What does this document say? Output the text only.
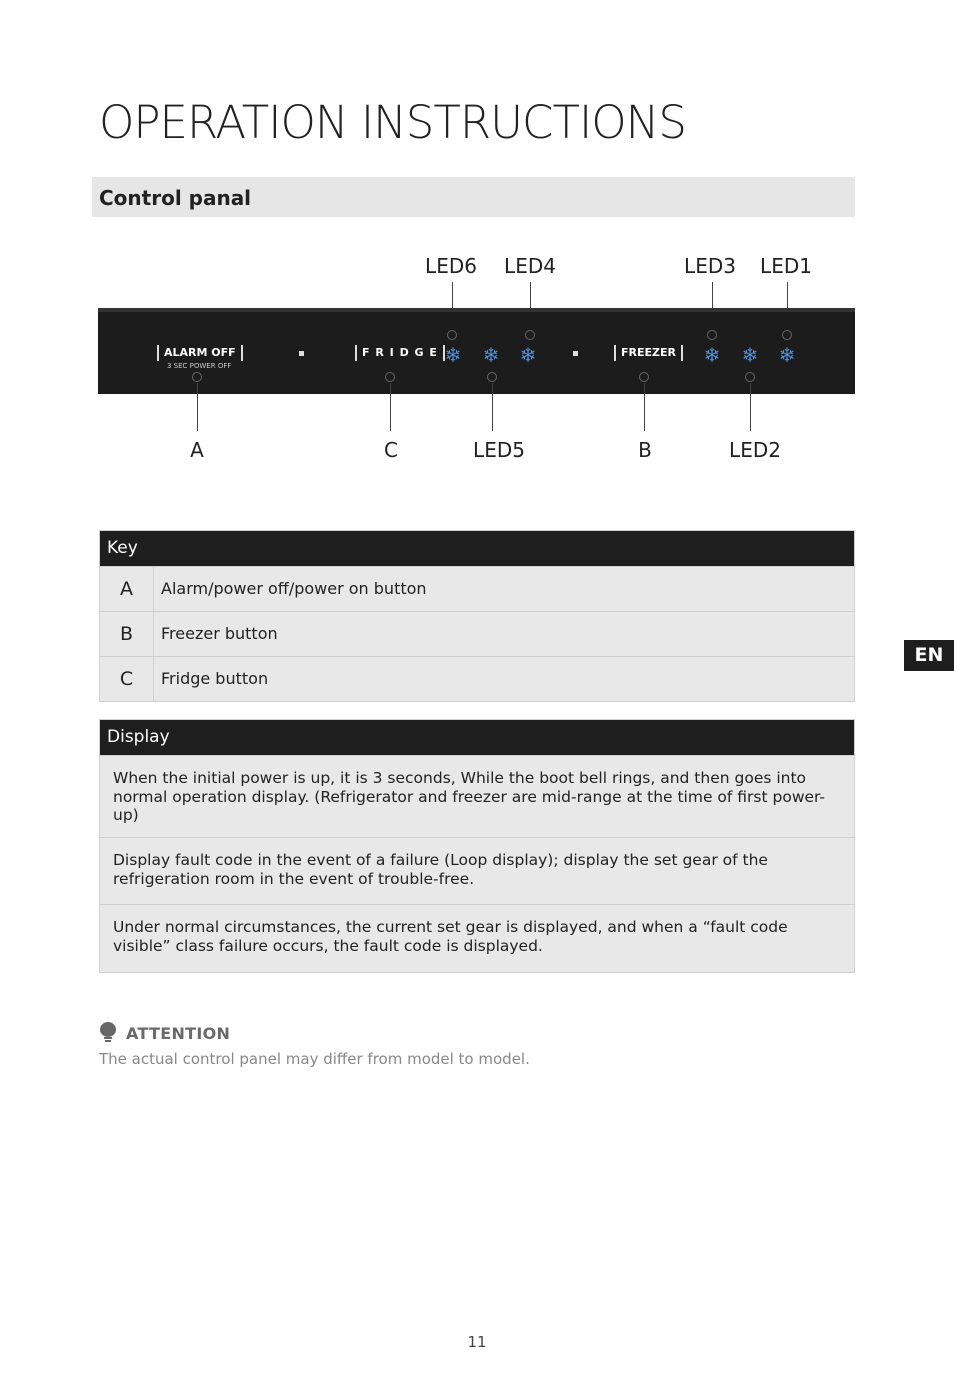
OPERATION INSTRUCTIONS
Control panal
LED6 LED4	LED3 LED1
ALARM OFF
3 SEC POWER OFF
F R I D G E ❄ ❄ ❄	FREEZER	❄ ❄ ❄
A	C	LED5	B	LED2
Key
A	Alarm/power off/power on button
B	Freezer button
C	Fridge button
Display
When the initial power is up, it is 3 seconds, While the boot bell rings, and then goes into normal operation display. (Refrigerator and freezer are mid-range at the time of first power-up)
Display fault code in the event of a failure (Loop display); display the set gear of the refrigeration room in the event of trouble-free.
Under normal circumstances, the current set gear is displayed, and when a “fault code visible” class failure occurs, the fault code is displayed.
ATTENTION
The actual control panel may differ from model to model.
EN
11
